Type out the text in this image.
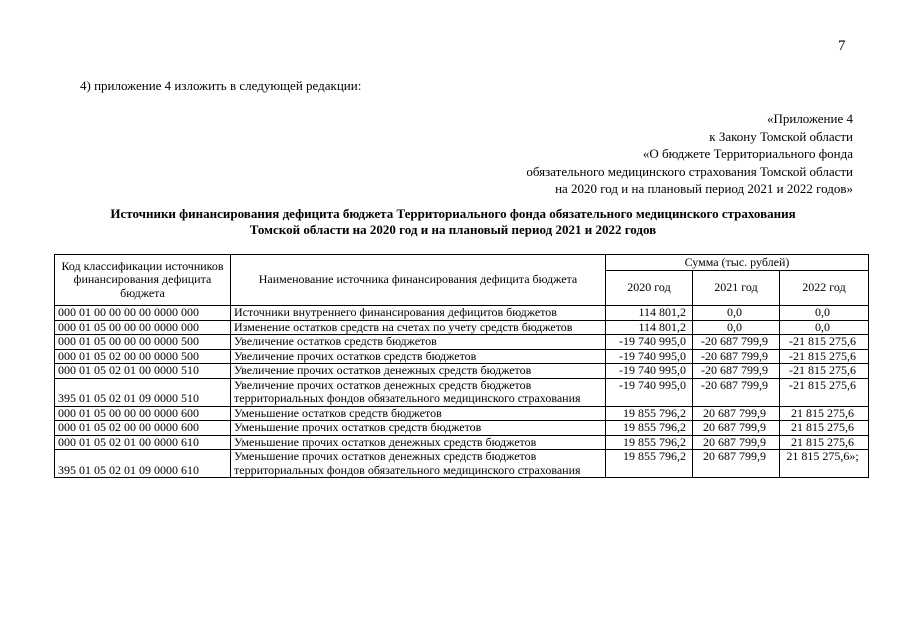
7
4) приложение 4 изложить в следующей редакции:
«Приложение 4
к Закону Томской области
«О бюджете Территориального фонда
обязательного медицинского страхования Томской области
на 2020 год и на плановый период 2021 и 2022 годов»
Источники финансирования дефицита бюджета Территориального фонда обязательного медицинского страхования
Томской области на 2020 год и на плановый период 2021 и 2022 годов
Код классификации источников финансирования дефицита бюджета	Наименование источника финансирования дефицита бюджета	Сумма (тыс. рублей)		
		2020 год	2021 год	2022 год
000 01 00 00 00 00 0000 000	Источники внутреннего финансирования дефицитов бюджетов	114 801,2	0,0	0,0
000 01 05 00 00 00 0000 000	Изменение остатков средств на счетах по учету средств бюджетов	114 801,2	0,0	0,0
000 01 05 00 00 00 0000 500	Увеличение остатков средств бюджетов	-19 740 995,0	-20 687 799,9	-21 815 275,6
000 01 05 02 00 00 0000 500	Увеличение прочих остатков средств бюджетов	-19 740 995,0	-20 687 799,9	-21 815 275,6
000 01 05 02 01 00 0000 510	Увеличение прочих остатков денежных средств бюджетов	-19 740 995,0	-20 687 799,9	-21 815 275,6
395 01 05 02 01 09 0000 510	Увеличение прочих остатков денежных средств бюджетов территориальных фондов обязательного медицинского страхования	-19 740 995,0	-20 687 799,9	-21 815 275,6
000 01 05 00 00 00 0000 600	Уменьшение остатков средств бюджетов	19 855 796,2	20 687 799,9	21 815 275,6
000 01 05 02 00 00 0000 600	Уменьшение прочих остатков средств бюджетов	19 855 796,2	20 687 799,9	21 815 275,6
000 01 05 02 01 00 0000 610	Уменьшение прочих остатков денежных средств бюджетов	19 855 796,2	20 687 799,9	21 815 275,6
395 01 05 02 01 09 0000 610	Уменьшение прочих остатков денежных средств бюджетов территориальных фондов обязательного медицинского страхования	19 855 796,2	20 687 799,9	21 815 275,6»;
